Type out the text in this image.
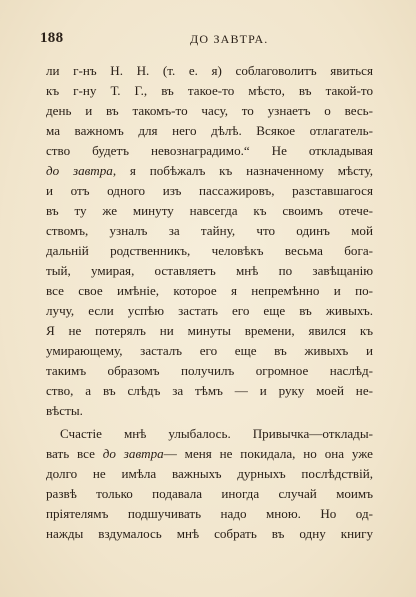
188	ДО ЗАВТРА.
ли г-нъ Н. Н. (т. е. я) соблаговолитъ явиться
къ г-ну Т. Г., въ такое-то мѣсто, въ такой-то
день и въ такомъ-то часу, то узнаетъ о весь-
ма важномъ для него дѣлѣ. Всякое отлагатель-
ство будетъ невознаградимо.“ Не откладывая
до завтра, я побѣжалъ къ назначенному мѣсту,
и отъ одного изъ пассажировъ, разставшагося
въ ту же минуту навсегда къ своимъ отече-
ствомъ, узналъ за тайну, что одинъ мой
дальній родственникъ, человѣкъ весьма бога-
тый, умирая, оставляетъ мнѣ по завѣщанію
все свое имѣніе, которое я непремѣнно и по-
лучу, если успѣю застать его еще въ живыхъ.
Я не потерялъ ни минуты времени, явился къ
умирающему, засталъ его еще въ живыхъ и
такимъ образомъ получилъ огромное наслѣд-
ство, а въ слѣдъ за тѣмъ — и руку моей не-
вѣсты.
Счастіе мнѣ улыбалось. Привычка—отклады-
вать все до завтра— меня не покидала, но она уже
долго не имѣла важныхъ дурныхъ послѣдствій,
развѣ только подавала иногда случай моимъ
пріятелямъ подшучивать надо мною. Но од-
нажды вздумалось мнѣ собрать въ одну книгу
